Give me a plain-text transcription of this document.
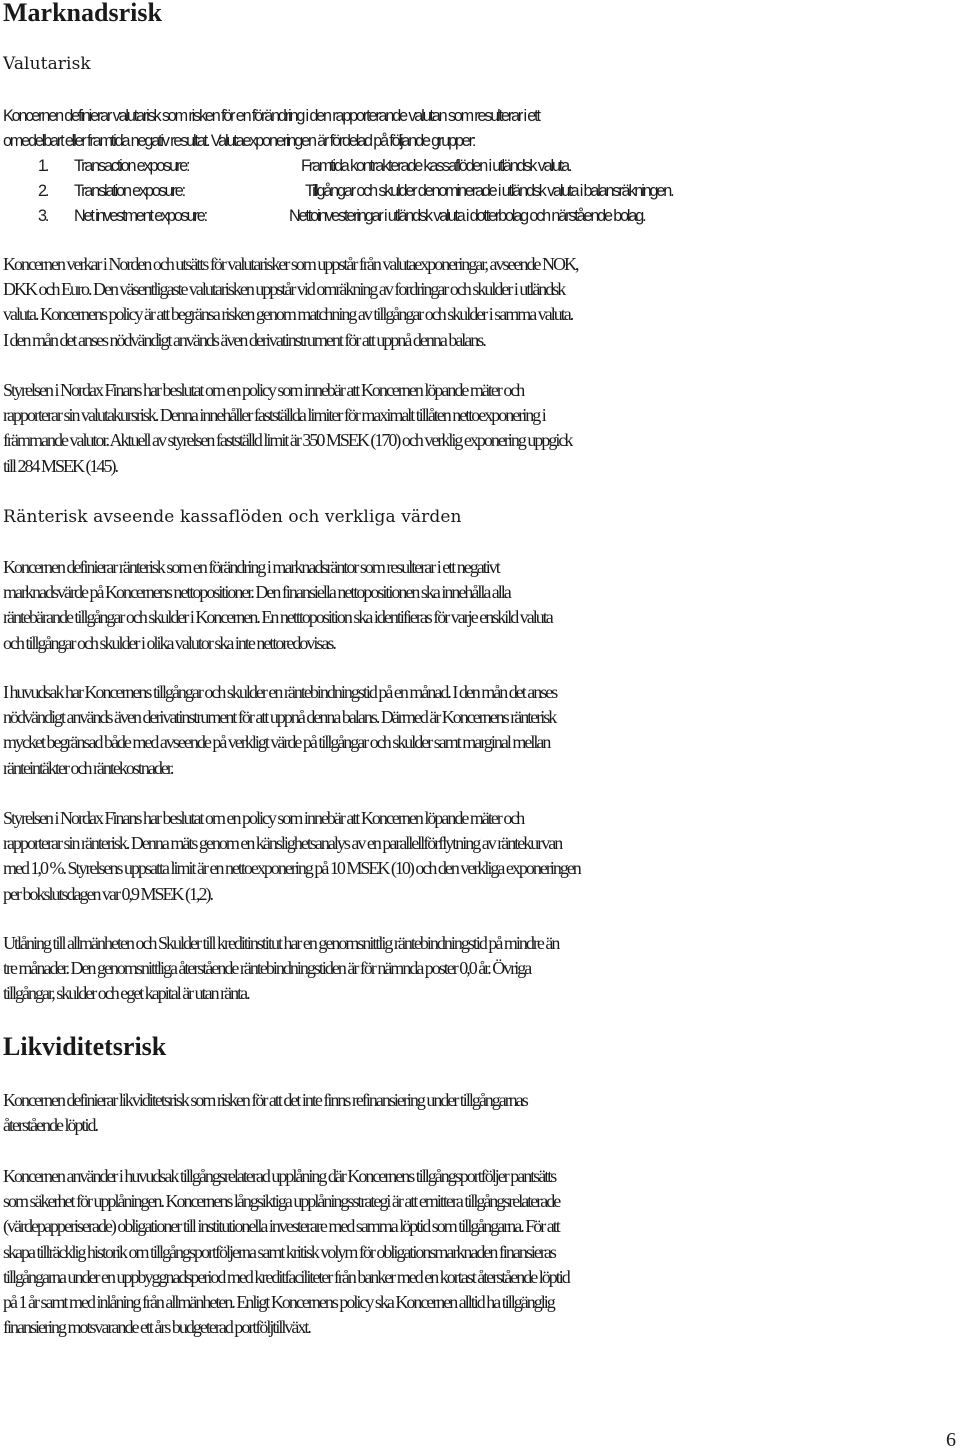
Marknadsrisk
Valutarisk
Koncernen definierar valutarisk som risken för en förändring i den rapporterande valutan som resulterar i ett
omedelbart eller framtida negativ resultat. Valutaexponeringen är fördelad på följande grupper:
1. Transaction exposure:	Framtida kontrakterade kassaflöden i utländsk valuta.
2. Translation exposure:	Tillgångar och skulder denominerade i utländsk valuta i balansräkningen.
3. Net investment exposure:	Nettoinvesteringar i utländsk valuta i dotterbolag och närstående bolag.
Koncernen verkar i Norden och utsätts för valutarisker som uppstår från valutaexponeringar, avseende NOK,
DKK och Euro. Den väsentligaste valutarisken uppstår vid omräkning av fordringar och skulder i utländsk
valuta. Koncernens policy är att begränsa risken genom matchning av tillgångar och skulder i samma valuta.
I den mån det anses nödvändigt används även derivatinstrument för att uppnå denna balans.
Styrelsen i Nordax Finans har beslutat om en policy som innebär att Koncernen löpande mäter och
rapporterar sin valutakursrisk. Denna innehåller fastställda limiter för maximalt tillåten nettoexponering i
främmande valutor. Aktuell av styrelsen fastställd limit är 350 MSEK (170) och verklig exponering uppgick
till 284 MSEK (145).
Ränterisk avseende kassaflöden och verkliga värden
Koncernen definierar ränterisk som en förändring i marknadsräntor som resulterar i ett negativt
marknadsvärde på Koncernens nettopositioner. Den finansiella nettopositionen ska innehålla alla
räntebärande tillgångar och skulder i Koncernen. En netttoposition ska identifieras för varje enskild valuta
och tillgångar och skulder i olika valutor ska inte nettoredovisas.
I huvudsak har Koncernens tillgångar och skulder en räntebindningstid på en månad. I den mån det anses
nödvändigt används även derivatinstrument för att uppnå denna balans. Därmed är Koncernens ränterisk
mycket begränsad både med avseende på verkligt värde på tillgångar och skulder samt marginal mellan
ränteintäkter och räntekostnader.
Styrelsen i Nordax Finans har beslutat om en policy som innebär att Koncernen löpande mäter och
rapporterar sin ränterisk. Denna mäts genom en känslighetsanalys av en parallellförflytning av räntekurvan
med 1,0 %. Styrelsens uppsatta limit är en nettoexponering på 10 MSEK (10) och den verkliga exponeringen
per bokslutsdagen var 0,9 MSEK (1,2).
Utlåning till allmänheten och Skulder till kreditinstitut har en genomsnittlig räntebindningstid på mindre än
tre månader. Den genomsnittliga återstående räntebindningstiden är för nämnda poster 0,0 år. Övriga
tillgångar, skulder och eget kapital är utan ränta.
Likviditetsrisk
Koncernen definierar likviditetsrisk som risken för att det inte finns refinansiering under tillgångarnas
återstående löptid.
Koncernen använder i huvudsak tillgångsrelaterad upplåning där Koncernens tillgångsportföljer pantsätts
som säkerhet för upplåningen. Koncernens långsiktiga upplåningsstrategi är att emittera tillgångsrelaterade
(värdepapperiserade) obligationer till institutionella investerare med samma löptid som tillgångarna. För att
skapa tillräcklig historik om tillgångsportföljerna samt kritisk volym för obligationsmarknaden finansieras
tillgångarna under en uppbyggnadsperiod med kreditfaciliteter från banker med en kortast återstående löptid
på 1 år samt med inlåning från allmänheten. Enligt Koncernens policy ska Koncernen alltid ha tillgänglig
finansiering motsvarande ett års budgeterad portföljtillväxt.
6
